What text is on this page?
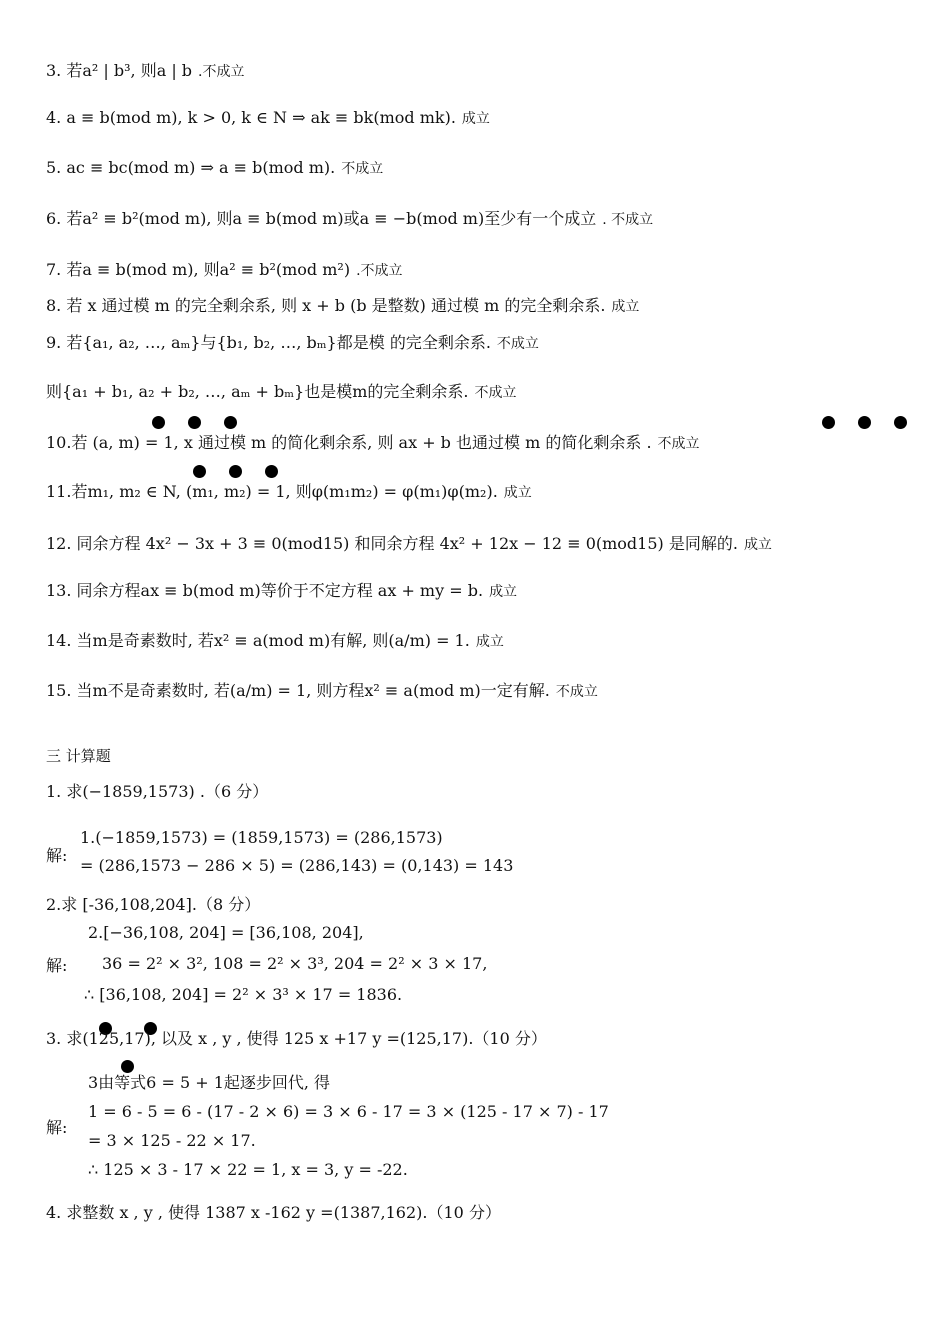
3. 若a² | b³, 则a | b .不成立
4. a ≡ b(mod m), k > 0, k ∈ N ⇒ ak ≡ bk(mod mk). 成立
5. ac ≡ bc(mod m) ⇒ a ≡ b(mod m). 不成立
6. 若a² ≡ b²(mod m), 则a ≡ b(mod m)或a ≡ −b(mod m)至少有一个成立 . 不成立
7. 若a ≡ b(mod m), 则a² ≡ b²(mod m²) .不成立
8. 若 x 通过模 m 的完全剩余系, 则 x + b (b 是整数) 通过模 m 的完全剩余系. 成立
9. 若{a₁, a₂, …, aₘ}与{b₁, b₂, …, bₘ}都是模 的完全剩余系. 不成立
则{a₁ + b₁, a₂ + b₂, …, aₘ + bₘ}也是模m的完全剩余系. 不成立
10.若 (a, m) = 1, x 通过模 m 的简化剩余系, 则 ax + b 也通过模 m 的简化剩余系 . 不成立
11.若m₁, m₂ ∈ N, (m₁, m₂) = 1, 则φ(m₁m₂) = φ(m₁)φ(m₂). 成立
12. 同余方程 4x² − 3x + 3 ≡ 0(mod15) 和同余方程 4x² + 12x − 12 ≡ 0(mod15) 是同解的. 成立
13. 同余方程ax ≡ b(mod m)等价于不定方程 ax + my = b. 成立
14. 当m是奇素数时, 若x² ≡ a(mod m)有解, 则(a/m) = 1. 成立
15. 当m不是奇素数时, 若(a/m) = 1, 则方程x² ≡ a(mod m)一定有解. 不成立
三 计算题
1. 求(−1859,1573) .（6 分）
1.(−1859,1573) = (1859,1573) = (286,1573)
= (286,1573 − 286 × 5) = (286,143) = (0,143) = 143
解:
2.求 [-36,108,204].（8 分）
2.[−36,108, 204] = [36,108, 204],
36 = 2² × 3², 108 = 2² × 3³, 204 = 2² × 3 × 17,
∴ [36,108, 204] = 2² × 3³ × 17 = 1836.
解:
3. 求(125,17), 以及 x , y , 使得 125 x +17 y =(125,17).（10 分）
3由等式6 = 5 + 1起逐步回代, 得
1 = 6 - 5 = 6 - (17 - 2 × 6) = 3 × 6 - 17 = 3 × (125 - 17 × 7) - 17
= 3 × 125 - 22 × 17.
∴ 125 × 3 - 17 × 22 = 1, x = 3, y = -22.
解:
4. 求整数 x , y , 使得 1387 x -162 y =(1387,162).（10 分）
